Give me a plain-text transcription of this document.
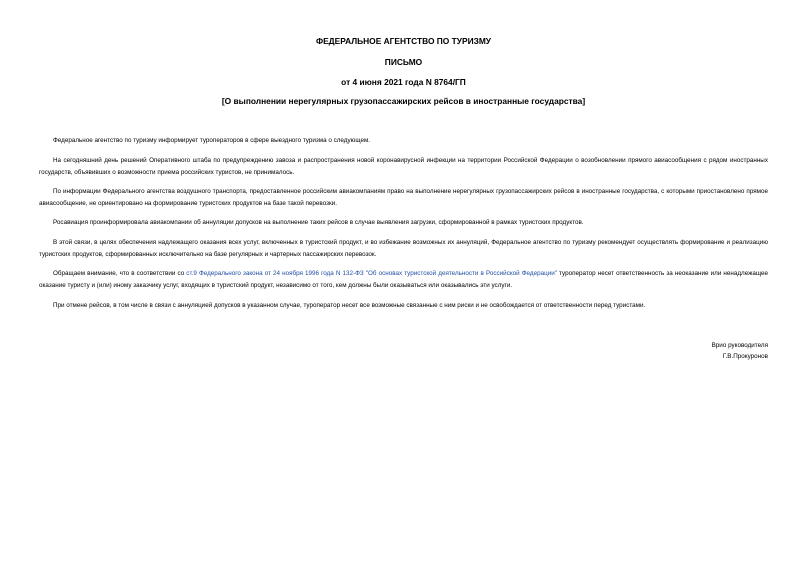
ФЕДЕРАЛЬНОЕ АГЕНТСТВО ПО ТУРИЗМУ
ПИСЬМО
от 4 июня 2021 года N 8764/ГП
[О выполнении нерегулярных грузопассажирских рейсов в иностранные государства]
Федеральное агентство по туризму информирует туроператоров в сфере выездного туризма о следующем.
На сегодняшний день решений Оперативного штаба по предупреждению завоза и распространения новой коронавирусной инфекции на территории Российской Федерации о возобновлении прямого авиасообщения с рядом иностранных государств, объявивших о возможности приема российских туристов, не принималось.
По информации Федерального агентства воздушного транспорта, предоставленное российским авиакомпаниям право на выполнение нерегулярных грузопассажирских рейсов в иностранные государства, с которыми приостановлено прямое авиасообщение, не ориентировано на формирование туристских продуктов на базе такой перевозки.
Росавиация проинформировала авиакомпании об аннуляции допусков на выполнение таких рейсов в случае выявления загрузки, сформированной в рамках туристских продуктов.
В этой связи, в целях обеспечения надлежащего оказания всех услуг, включенных в туристский продукт, и во избежание возможных их аннуляций, Федеральное агентство по туризму рекомендует осуществлять формирование и реализацию туристских продуктов, сформированных исключительно на базе регулярных и чартерных пассажирских перевозок.
Обращаем внимание, что в соответствии со ст.9 Федерального закона от 24 ноября 1996 года N 132-ФЗ "Об основах туристской деятельности в Российской Федерации" туроператор несет ответственность за неоказание или ненадлежащее оказание туристу и (или) иному заказчику услуг, входящих в туристский продукт, независимо от того, кем должны были оказываться или оказывались эти услуги.
При отмене рейсов, в том числе в связи с аннуляцией допусков в указанном случае, туроператор несет все возможные связанные с ним риски и не освобождается от ответственности перед туристами.
Врио руководителя
Г.В.Прокуронов
